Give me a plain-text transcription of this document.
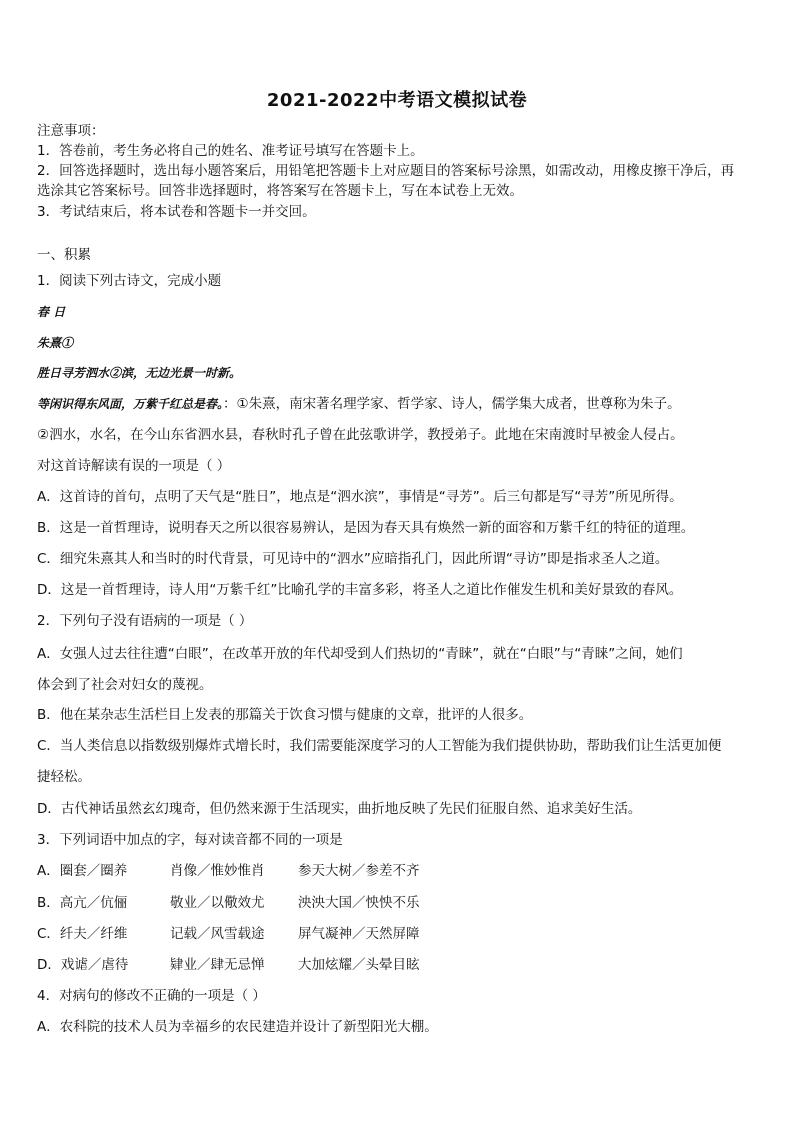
2021-2022中考语文模拟试卷
注意事项：
1．答卷前，考生务必将自己的姓名、准考证号填写在答题卡上。
2．回答选择题时，选出每小题答案后，用铅笔把答题卡上对应题目的答案标号涂黑，如需改动，用橡皮擦干净后，再
选涂其它答案标号。回答非选择题时，将答案写在答题卡上，写在本试卷上无效。
3．考试结束后，将本试卷和答题卡一并交回。
一、积累
1．阅读下列古诗文，完成小题
春 日
朱熹①
胜日寻芳泗水②滨，无边光景一时新。
等闲识得东风面，万紫千红总是春。：①朱熹，南宋著名理学家、哲学家、诗人，儒学集大成者，世尊称为朱子。
②泗水，水名，在今山东省泗水县，春秋时孔子曾在此弦歌讲学，教授弟子。此地在宋南渡时早被金人侵占。
对这首诗解读有误的一项是（ ）
A．这首诗的首句，点明了天气是“胜日”，地点是“泗水滨”，事情是“寻芳”。后三句都是写“寻芳”所见所得。
B．这是一首哲理诗，说明春天之所以很容易辨认，是因为春天具有焕然一新的面容和万紫千红的特征的道理。
C．细究朱熹其人和当时的时代背景，可见诗中的“泗水”应暗指孔门，因此所谓“寻访”即是指求圣人之道。
D．这是一首哲理诗，诗人用“万紫千红”比喻孔学的丰富多彩，将圣人之道比作催发生机和美好景致的春风。
2．下列句子没有语病的一项是（ ）
A．女强人过去往往遭“白眼”，在改革开放的年代却受到人们热切的“青睐”，就在“白眼”与“青睐”之间，她们
体会到了社会对妇女的蔑视。
B．他在某杂志生活栏目上发表的那篇关于饮食习惯与健康的文章，批评的人很多。
C．当人类信息以指数级别爆炸式增长时，我们需要能深度学习的人工智能为我们提供协助，帮助我们让生活更加便
捷轻松。
D．古代神话虽然玄幻瑰奇，但仍然来源于生活现实，曲折地反映了先民们征服自然、追求美好生活。
3．下列词语中加点的字，每对读音都不同的一项是
A．圈套／圈养	肖像／惟妙惟肖 参天大树／参差不齐
B．高亢／伉俪	敬业／以儆效尤 泱泱大国／怏怏不乐
C．纤夫／纤维	记载／风雪载途 屏气凝神／天然屏障
D．戏谑／虐待	肄业／肆无忌惮 大加炫耀／头晕目眩
4．对病句的修改不正确的一项是（ ）
A．农科院的技术人员为幸福乡的农民建造并设计了新型阳光大棚。
